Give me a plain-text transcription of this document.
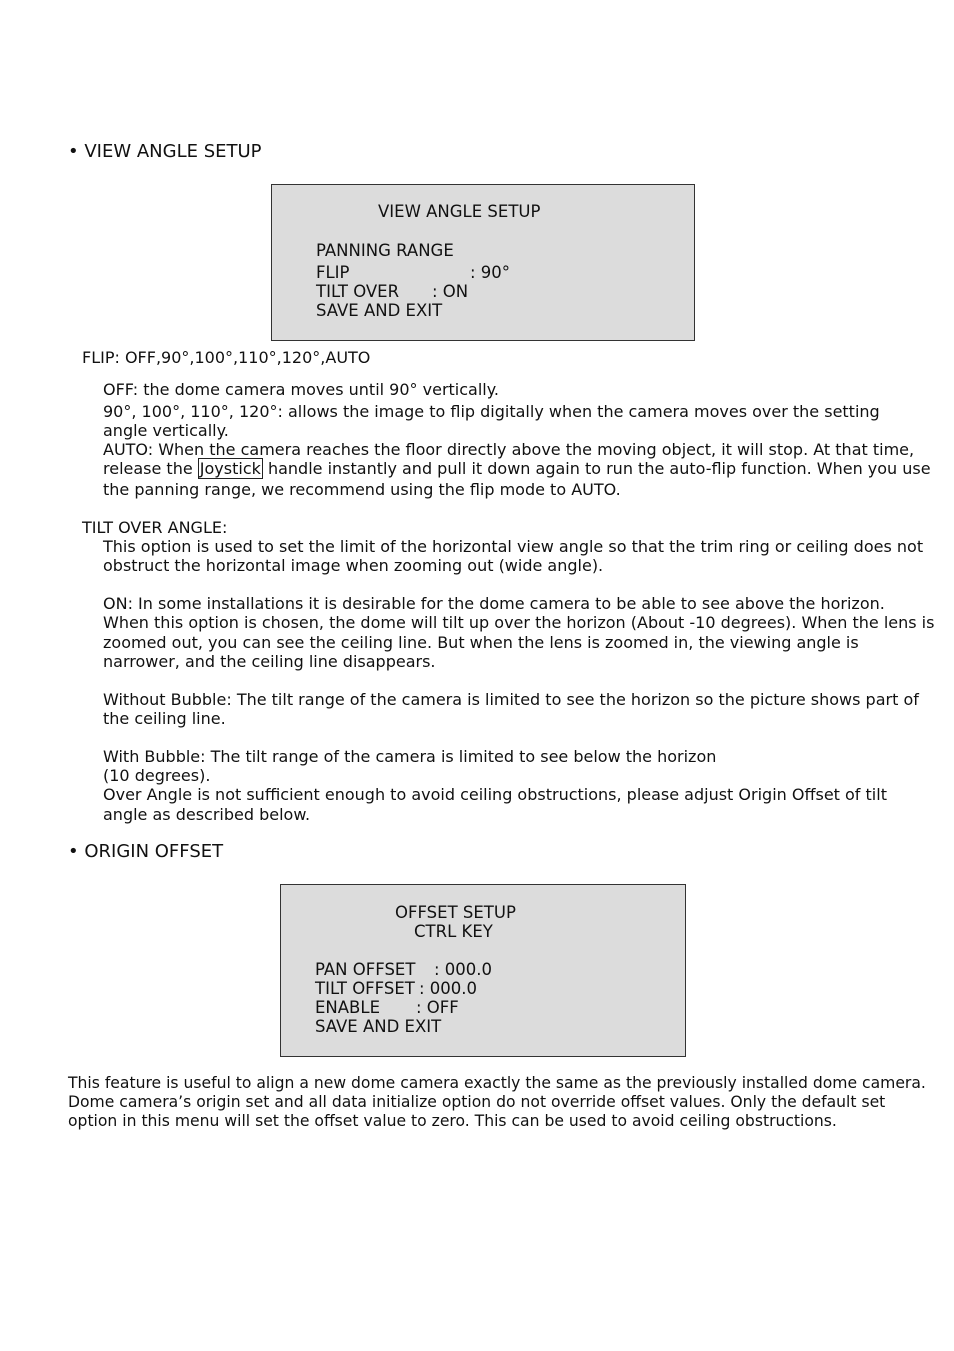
• VIEW ANGLE SETUP
VIEW ANGLE SETUP
PANNING RANGE
FLIP	: 90°
TILT OVER : ON
SAVE AND EXIT
FLIP: OFF,90°,100°,110°,120°,AUTO
OFF: the dome camera moves until 90° vertically.
90°, 100°, 110°, 120°: allows the image to flip digitally when the camera moves over the setting
angle vertically.
AUTO: When the camera reaches the floor directly above the moving object, it will stop. At that time,
release the Joystick handle instantly and pull it down again to run the auto-flip function. When you use
the panning range, we recommend using the flip mode to AUTO.
TILT OVER ANGLE:
This option is used to set the limit of the horizontal view angle so that the trim ring or ceiling does not
obstruct the horizontal image when zooming out (wide angle).
ON: In some installations it is desirable for the dome camera to be able to see above the horizon.
When this option is chosen, the dome will tilt up over the horizon (About -10 degrees). When the lens is
zoomed out, you can see the ceiling line. But when the lens is zoomed in, the viewing angle is
narrower, and the ceiling line disappears.
Without Bubble: The tilt range of the camera is limited to see the horizon so the picture shows part of
the ceiling line.
With Bubble: The tilt range of the camera is limited to see below the horizon
(10 degrees).
Over Angle is not sufficient enough to avoid ceiling obstructions, please adjust Origin Offset of tilt
angle as described below.
• ORIGIN OFFSET
OFFSET SETUP
CTRL KEY
PAN OFFSET : 000.0
TILT OFFSET : 000.0
ENABLE : OFF
SAVE AND EXIT
This feature is useful to align a new dome camera exactly the same as the previously installed dome camera.
Dome camera’s origin set and all data initialize option do not override offset values. Only the default set
option in this menu will set the offset value to zero. This can be used to avoid ceiling obstructions.
